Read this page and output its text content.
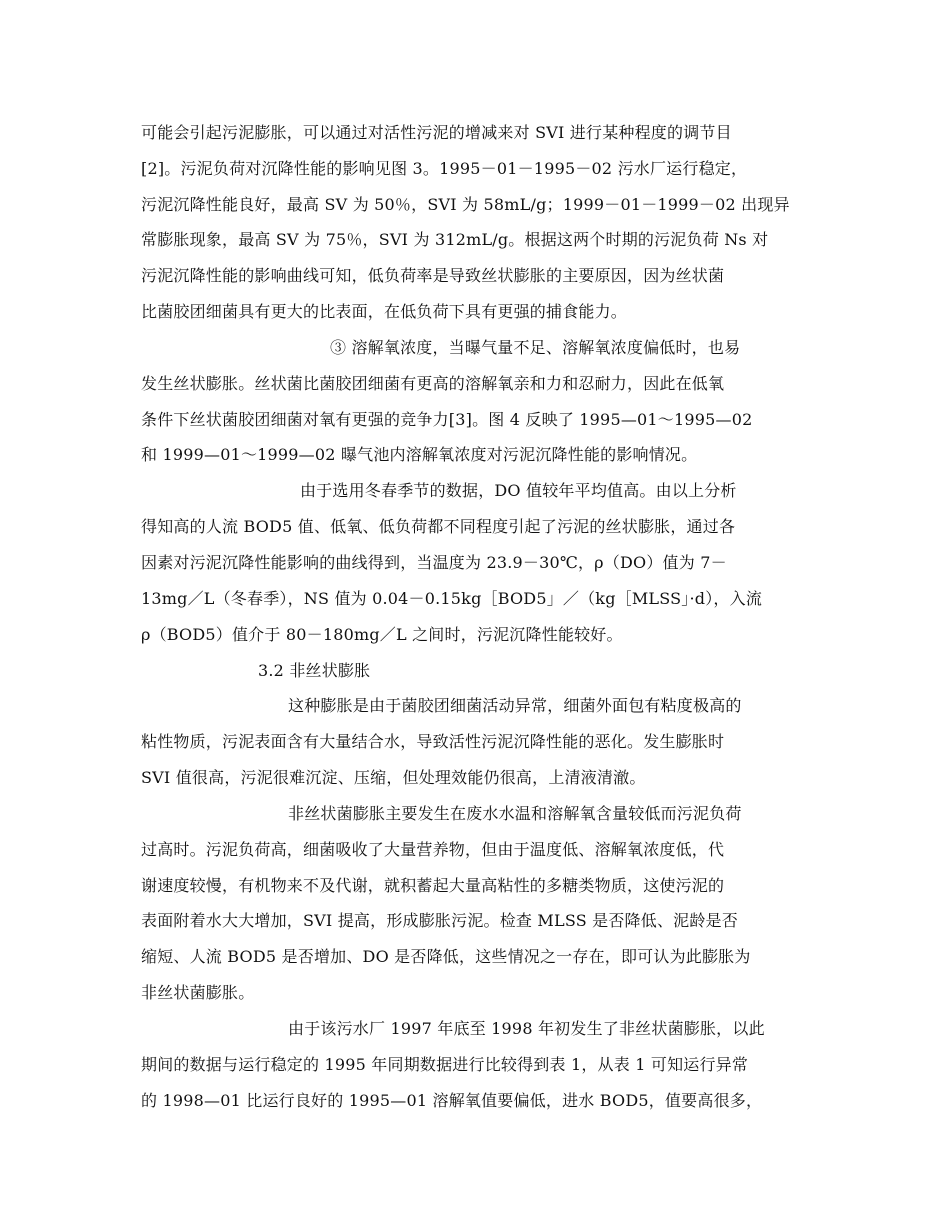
可能会引起污泥膨胀，可以通过对活性污泥的增减来对 SVI 进行某种程度的调节目
[2]。污泥负荷对沉降性能的影响见图 3。1995－01－1995－02 污水厂运行稳定，
污泥沉降性能良好，最高 SV 为 50％，SVI 为 58mL/g；1999－01－1999－02 出现异
常膨胀现象，最高 SV 为 75％，SVI 为 312mL/g。根据这两个时期的污泥负荷 Ns 对
污泥沉降性能的影响曲线可知，低负荷率是导致丝状膨胀的主要原因，因为丝状菌
比菌胶团细菌具有更大的比表面，在低负荷下具有更强的捕食能力。
③ 溶解氧浓度，当曝气量不足、溶解氧浓度偏低时，也易
发生丝状膨胀。丝状菌比菌胶团细菌有更高的溶解氧亲和力和忍耐力，因此在低氧
条件下丝状菌胶团细菌对氧有更强的竞争力[3]。图 4 反映了 1995—01～1995—02
和 1999—01～1999—02 曝气池内溶解氧浓度对污泥沉降性能的影响情况。
由于选用冬春季节的数据，DO 值较年平均值高。由以上分析
得知高的人流 BOD5 值、低氧、低负荷都不同程度引起了污泥的丝状膨胀，通过各
因素对污泥沉降性能影响的曲线得到，当温度为 23.9－30℃，ρ（DO）值为 7－
13mg／L（冬春季），NS 值为 0.04－0.15kg［BOD5」／（kg［MLSS」·d），入流
ρ（BOD5）值介于 80－180mg／L 之间时，污泥沉降性能较好。
3.2 非丝状膨胀
这种膨胀是由于菌胶团细菌活动异常，细菌外面包有粘度极高的
粘性物质，污泥表面含有大量结合水，导致活性污泥沉降性能的恶化。发生膨胀时
SVI 值很高，污泥很难沉淀、压缩，但处理效能仍很高，上清液清澈。
非丝状菌膨胀主要发生在废水水温和溶解氧含量较低而污泥负荷
过高时。污泥负荷高，细菌吸收了大量营养物，但由于温度低、溶解氧浓度低，代
谢速度较慢，有机物来不及代谢，就积蓄起大量高粘性的多糖类物质，这使污泥的
表面附着水大大增加，SVI 提高，形成膨胀污泥。检查 MLSS 是否降低、泥龄是否
缩短、人流 BOD5 是否增加、DO 是否降低，这些情况之一存在，即可认为此膨胀为
非丝状菌膨胀。
由于该污水厂 1997 年底至 1998 年初发生了非丝状菌膨胀，以此
期间的数据与运行稳定的 1995 年同期数据进行比较得到表 1，从表 1 可知运行异常
的 1998—01 比运行良好的 1995—01 溶解氧值要偏低，进水 BOD5，值要高很多，
